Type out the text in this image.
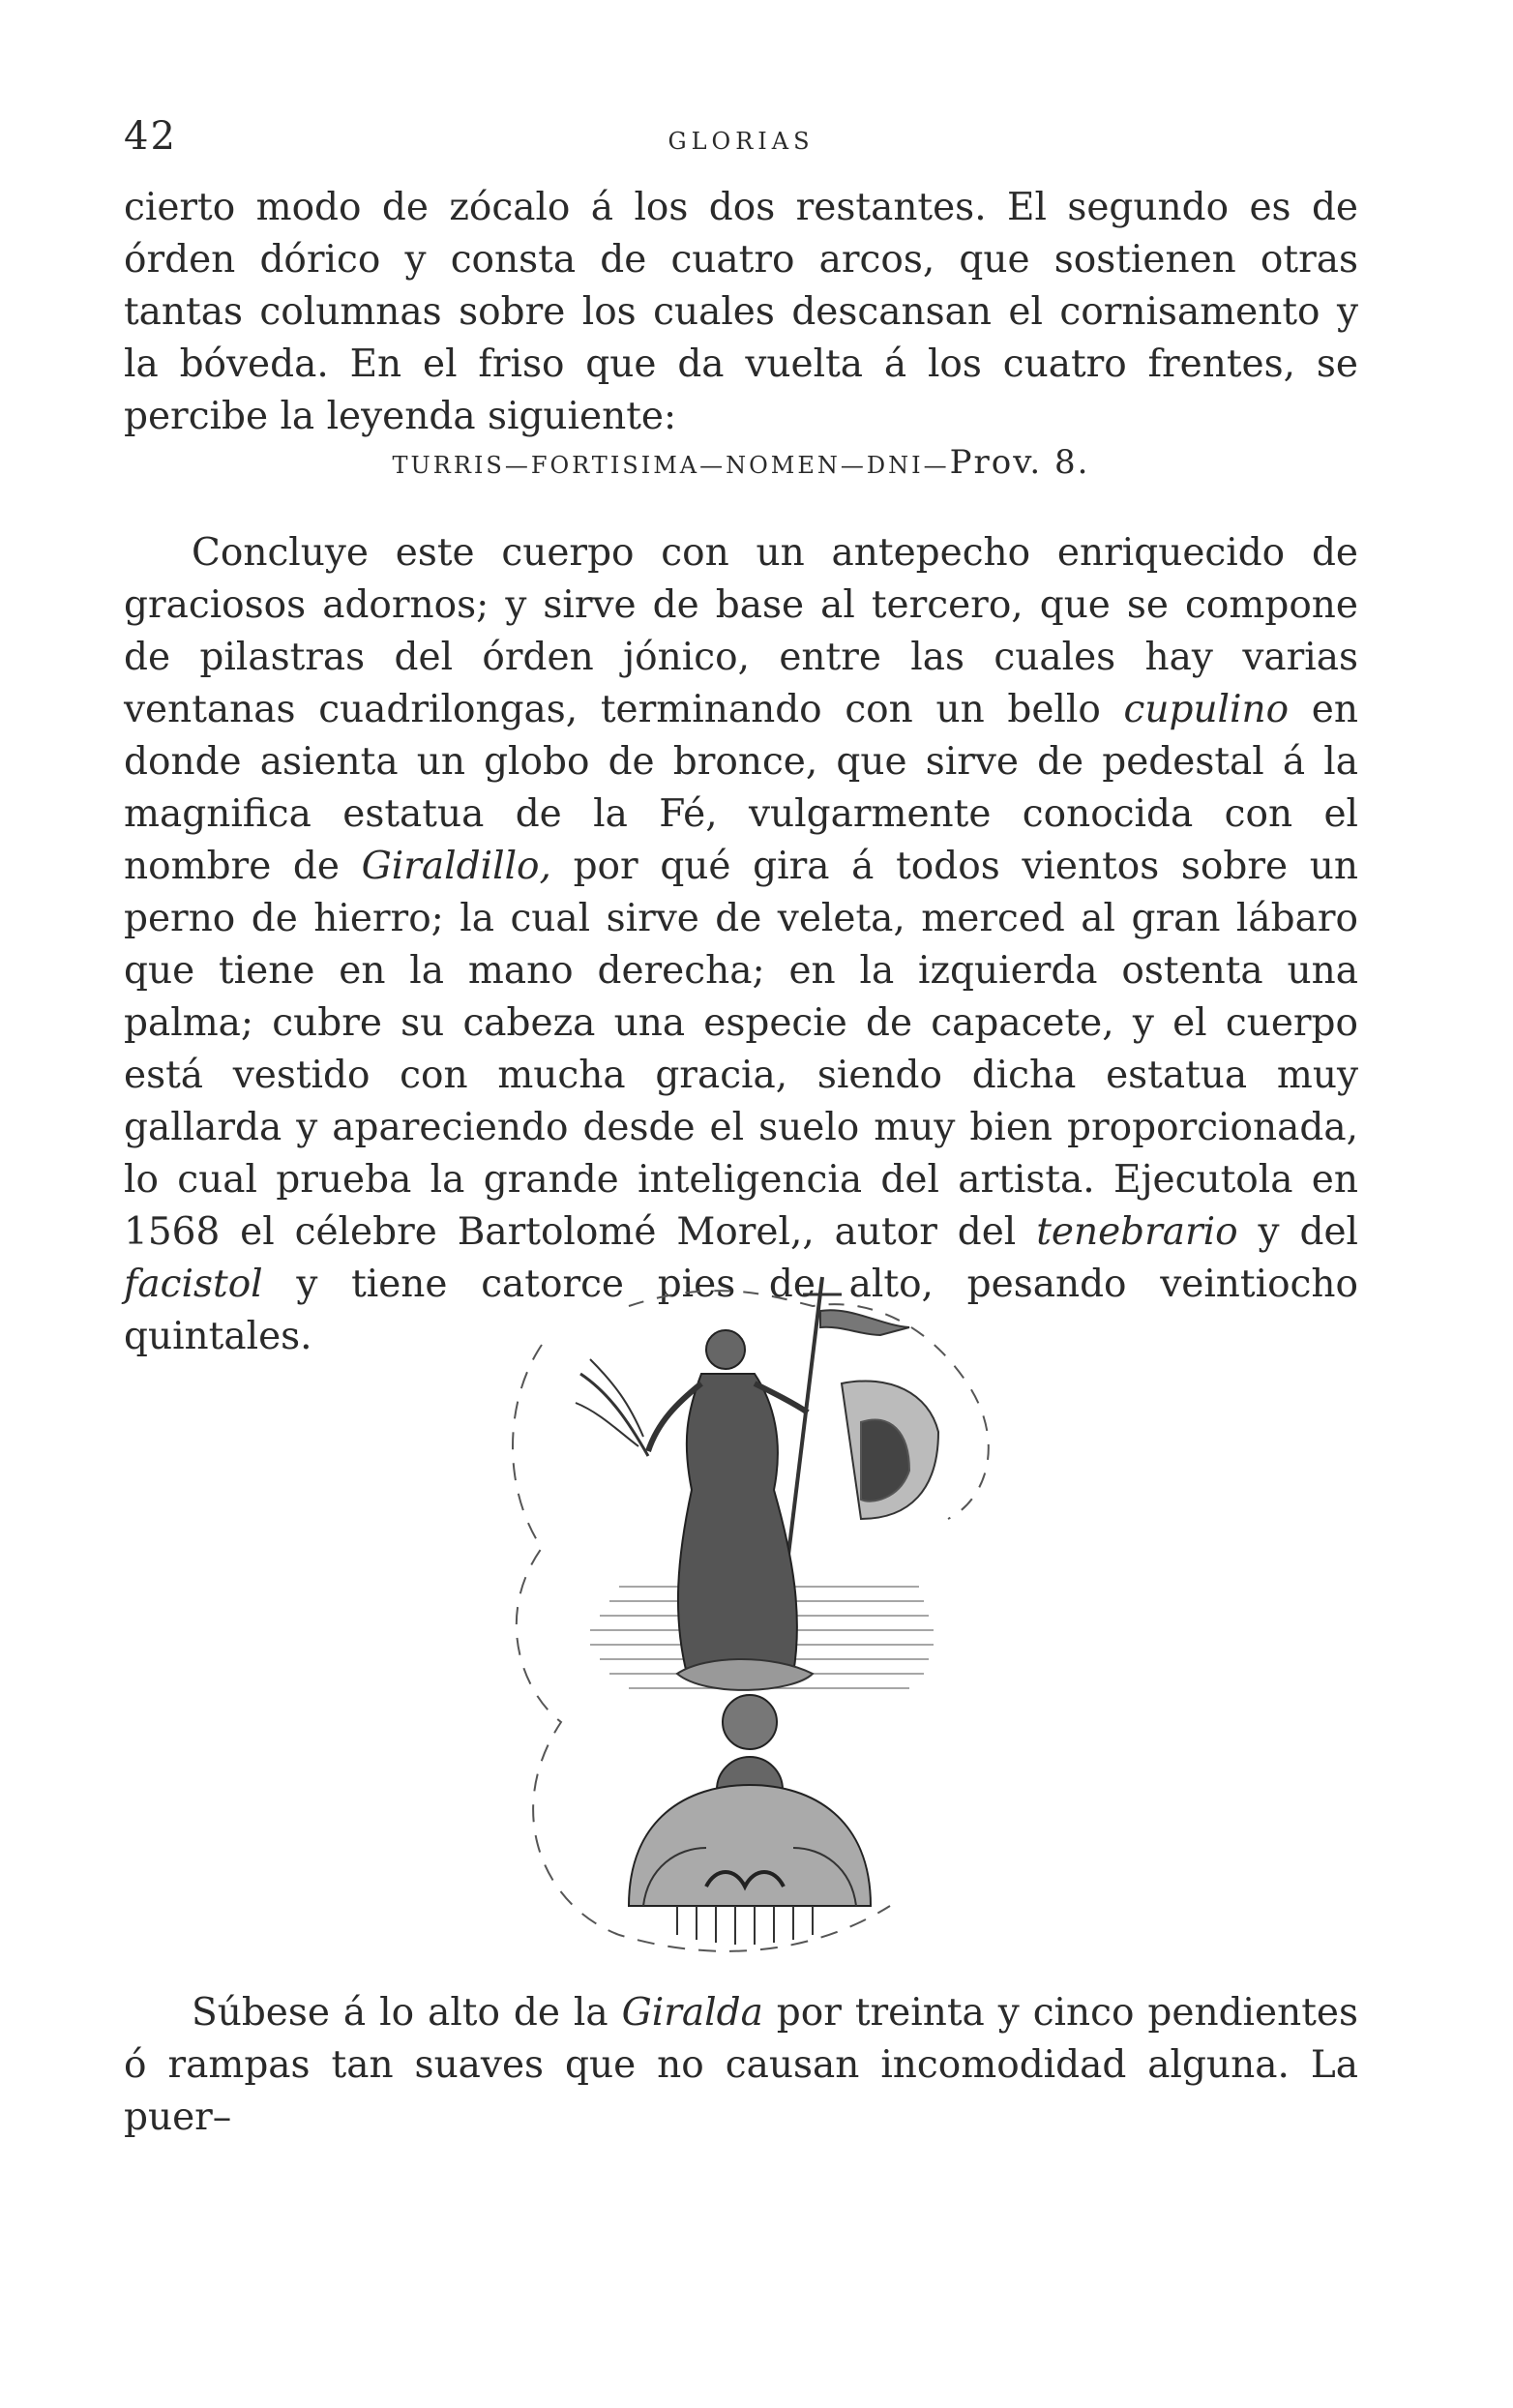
42	GLORIAS

cierto modo de zócalo á los dos restantes. El segundo es de órden dórico y consta de cuatro arcos, que sostienen otras tantas columnas sobre los cuales descansan el cornisamento y la bóveda. En el friso que da vuelta á los cuatro frentes, se percibe la leyenda siguiente:

TURRIS—FORTISIMA—NOMEN—DNI—Prov. 8.

Concluye este cuerpo con un antepecho enriquecido de graciosos adornos; y sirve de base al tercero, que se compone de pilastras del órden jónico, entre las cuales hay varias ventanas cuadrilongas, terminando con un bello cupulino en donde asienta un globo de bronce, que sirve de pedestal á la magnifica estatua de la Fé, vulgarmente conocida con el nombre de Giraldillo, por qué gira á todos vientos sobre un perno de hierro; la cual sirve de veleta, merced al gran lábaro que tiene en la mano derecha; en la izquierda ostenta una palma; cubre su cabeza una especie de capacete, y el cuerpo está vestido con mucha gracia, siendo dicha estatua muy gallarda y apareciendo desde el suelo muy bien proporcionada, lo cual prueba la grande inteligencia del artista. Ejecutola en 1568 el célebre Bartolomé Morel,, autor del tenebrario y del facistol y tiene catorce pies de alto, pesando veintiocho quintales.

Súbese á lo alto de la Giralda por treinta y cinco pendientes ó rampas tan suaves que no causan incomodidad alguna. La puer–
